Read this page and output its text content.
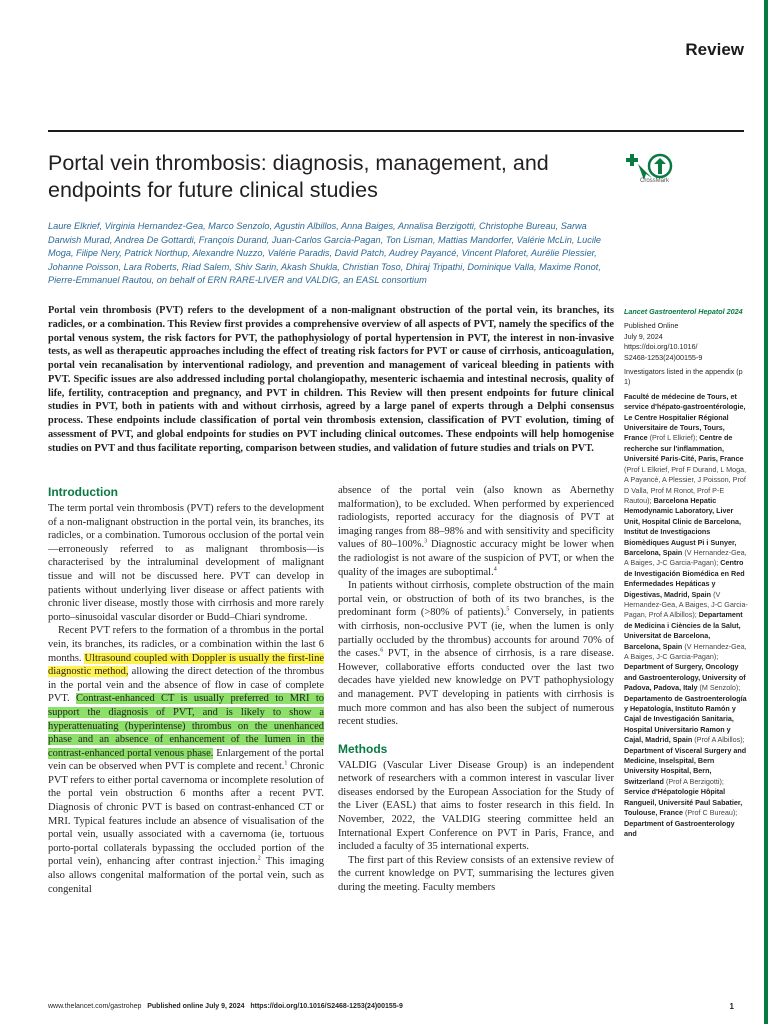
Review
Portal vein thrombosis: diagnosis, management, and endpoints for future clinical studies	CrossMark
Laure Elkrief, Virginia Hernandez-Gea, Marco Senzolo, Agustin Albillos, Anna Baiges, Annalisa Berzigotti, Christophe Bureau, Sarwa Darwish Murad, Andrea De Gottardi, François Durand, Juan-Carlos Garcia-Pagan, Ton Lisman, Mattias Mandorfer, Valérie McLin, Lucile Moga, Filipe Nery, Patrick Northup, Alexandre Nuzzo, Valérie Paradis, David Patch, Audrey Payancé, Vincent Plaforet, Aurélie Plessier, Johanne Poisson, Lara Roberts, Riad Salem, Shiv Sarin, Akash Shukla, Christian Toso, Dhiraj Tripathi, Dominique Valla, Maxime Ronot, Pierre-Emmanuel Rautou, on behalf of ERN RARE-LIVER and VALDIG, an EASL consortium
Portal vein thrombosis (PVT) refers to the development of a non-malignant obstruction of the portal vein, its branches, its radicles, or a combination. This Review first provides a comprehensive overview of all aspects of PVT, namely the specifics of the portal venous system, the risk factors for PVT, the pathophysiology of portal hypertension in PVT, the interest in non-invasive tests, as well as therapeutic approaches including the effect of treating risk factors for PVT or cause of cirrhosis, anticoagulation, portal vein recanalisation by interventional radiology, and prevention and management of variceal bleeding in patients with PVT. Specific issues are also addressed including portal cholangiopathy, mesenteric ischaemia and intestinal necrosis, quality of life, fertility, contraception and pregnancy, and PVT in children. This Review will then present endpoints for future clinical studies in PVT, both in patients with and without cirrhosis, agreed by a large panel of experts through a Delphi consensus process. These endpoints include classification of portal vein thrombosis extension, classification of PVT evolution, timing of assessment of PVT, and global endpoints for studies on PVT including clinical outcomes. These endpoints will help homogenise studies on PVT and thus facilitate reporting, comparison between studies, and validation of future studies and trials on PVT.
Introduction

The term portal vein thrombosis (PVT) refers to the development of a non-malignant obstruction in the portal vein, its branches, its radicles, or a combination. Tumorous occlusion of the portal vein—erroneously referred to as malignant thrombosis—is characterised by the intraluminal development of malignant tissue and will not be discussed here. PVT can develop in patients without underlying liver disease or affect patients with chronic liver disease, mostly those with cirrhosis and more rarely porto–sinusoidal vascular disorder or Budd–Chiari syndrome.

Recent PVT refers to the formation of a thrombus in the portal vein, its branches, its radicles, or a combination within the last 6 months. Ultrasound coupled with Doppler is usually the first-line diagnostic method, allowing the direct detection of the thrombus in the portal vein and the absence of flow in case of complete PVT. Contrast-enhanced CT is usually preferred to MRI to support the diagnosis of PVT, and is likely to show a hyperattenuating (hyperintense) thrombus on the unenhanced phase and an absence of enhancement of the lumen in the contrast-enhanced portal venous phase. Enlargement of the portal vein can be observed when PVT is complete and recent.$^1$ Chronic PVT refers to either portal cavernoma or incomplete resolution of the portal vein obstruction 6 months after a recent PVT. Diagnosis of chronic PVT is based on contrast-enhanced CT or MRI. Typical features include an absence of visualisation of the portal vein, usually associated with a cavernoma (ie, tortuous porto-portal collaterals bypassing the occluded portion of the portal vein), enhancing after contrast injection.$^2$ This imaging also allows congenital malformation of the portal vein, such as congenital

absence of the portal vein (also known as Abernethy malformation), to be excluded. When performed by experienced radiologists, reported accuracy for the diagnosis of PVT at imaging ranges from 88–98% and with sensitivity and specificity values of 80–100%.$^3$ Diagnostic accuracy might be lower when the radiologist is not aware of the suspicion of PVT, or when the quality of the images are suboptimal.$^4$

In patients without cirrhosis, complete obstruction of the main portal vein, or obstruction of both of its two branches, is the predominant form (>80% of patients).$^5$ Conversely, in patients with cirrhosis, non-occlusive PVT (ie, when the lumen is only partially occluded by the thrombus) accounts for around 70% of the cases.$^6$ PVT, in the absence of cirrhosis, is a rare disease. However, collaborative efforts conducted over the last two decades have yielded new knowledge on PVT pathophysiology and management. PVT developing in patients with cirrhosis is much more common and has also been the subject of numerous recent studies.

Methods

VALDIG (Vascular Liver Disease Group) is an independent network of researchers with a common interest in vascular liver diseases endorsed by the European Association for the Study of the Liver (EASL) that aims to foster research in this field. In November, 2022, the VALDIG steering committee held an International Expert Conference on PVT in Paris, France, and included a faculty of 35 international experts.

The first part of this Review consists of an extensive review of the current knowledge on PVT, summarising the lectures given during the meeting. Faculty members

Lancet Gastroenterol Hepatol 2024

Published Online
July 9, 2024
https://doi.org/10.1016/
S2468-1253(24)00155-9

Investigators listed in the appendix (p 1)

Faculté de médecine de Tours, et service d'hépato-gastroentérologie, Le Centre Hospitalier Régional Universitaire de Tours, Tours, France (Prof L Elkrief); Centre de recherche sur l'inflammation, Université Paris-Cité, Paris, France (Prof L Elkrief, Prof F Durand, L Moga, A Payancé, A Plessier, J Poisson, Prof D Valla, Prof M Ronot, Prof P-E Rautou); Barcelona Hepatic Hemodynamic Laboratory, Liver Unit, Hospital Clinic de Barcelona, Institut de Investigacions Biomèdiques August Pi i Sunyer, Barcelona, Spain (V Hernandez-Gea, A Baiges, J-C Garcia-Pagan); Centro de Investigación Biomédica en Red Enfermedades Hepáticas y Digestivas, Madrid, Spain (V Hernandez-Gea, A Baiges, J-C Garcia-Pagan, Prof A Albillos); Departament de Medicina i Ciències de la Salut, Universitat de Barcelona, Barcelona, Spain (V Hernandez-Gea, A Baiges, J-C Garcia-Pagan); Department of Surgery, Oncology and Gastroenterology, University of Padova, Padova, Italy (M Senzolo); Departamento de Gastroenterología y Hepatología, Instituto Ramón y Cajal de Investigación Sanitaria, Hospital Universitario Ramon y Cajal, Madrid, Spain (Prof A Albillos); Department of Visceral Surgery and Medicine, Inselspital, Bern University Hospital, Bern, Switzerland (Prof A Berzigotti); Service d'Hépatologie Hôpital Rangueil, Université Paul Sabatier, Toulouse, France (Prof C Bureau); Department of Gastroenterology and

www.thelancet.com/gastrohep Published online July 9, 2024 https://doi.org/10.1016/S2468-1253(24)00155-9	1
